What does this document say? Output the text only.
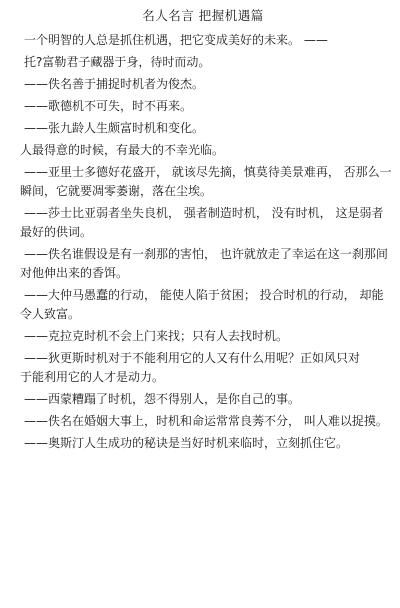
名人名言 把握机遇篇
一个明智的人总是抓住机遇，把它变成美好的未来。 ——
托?富勒君子藏器于身，待时而动。
——佚名善于捕捉时机者为俊杰。
——歌德机不可失，时不再来。
——张九龄人生颇富时机和变化。
人最得意的时候，有最大的不幸光临。
——亚里士多德好花盛开， 就该尽先摘，慎莫待美景难再， 否那么一
瞬间，它就要凋零萎谢，落在尘埃。
——莎士比亚弱者坐失良机， 强者制造时机， 没有时机， 这是弱者
最好的供词。
——佚名谁假设是有一刹那的害怕， 也许就放走了幸运在这一刹那间
对他伸出来的香饵。
——大仲马愚蠢的行动， 能使人陷于贫困； 投合时机的行动， 却能
令人致富。
——克拉克时机不会上门来找；只有人去找时机。
——狄更斯时机对于不能利用它的人又有什么用呢？正如风只对
于能利用它的人才是动力。
——西蒙糟蹋了时机，怨不得别人，是你自己的事。
——佚名在婚姻大事上，时机和命运常常良莠不分， 叫人难以捉摸。
——奥斯汀人生成功的秘诀是当好时机来临时，立刻抓住它。
